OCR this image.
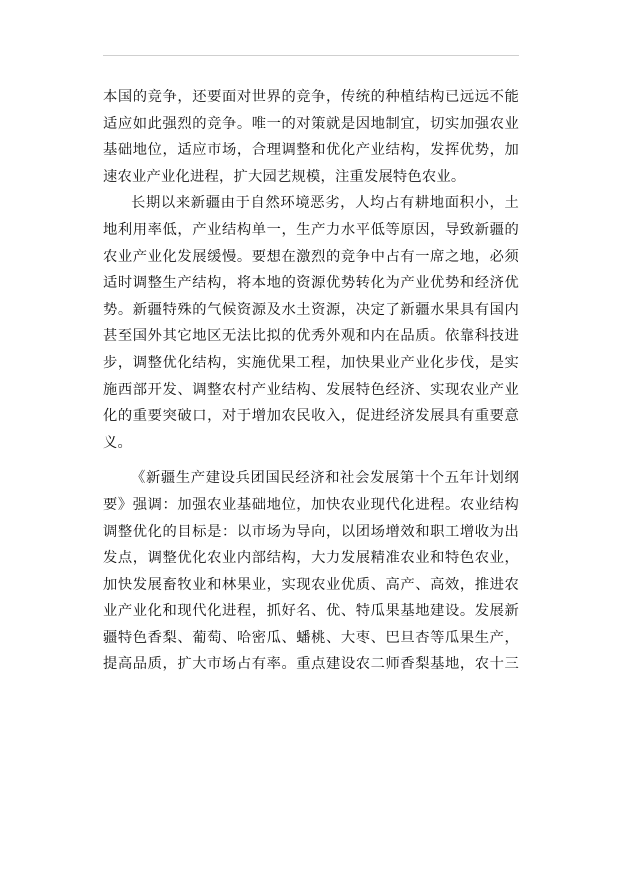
本国的竞争，还要面对世界的竞争，传统的种植结构已远远不能
适应如此强烈的竞争。唯一的对策就是因地制宜，切实加强农业
基础地位，适应市场，合理调整和优化产业结构，发挥优势，加
速农业产业化进程，扩大园艺规模，注重发展特色农业。
长期以来新疆由于自然环境恶劣，人均占有耕地面积小，土
地利用率低，产业结构单一，生产力水平低等原因，导致新疆的
农业产业化发展缓慢。要想在激烈的竞争中占有一席之地，必须
适时调整生产结构，将本地的资源优势转化为产业优势和经济优
势。新疆特殊的气候资源及水土资源，决定了新疆水果具有国内
甚至国外其它地区无法比拟的优秀外观和内在品质。依靠科技进
步，调整优化结构，实施优果工程，加快果业产业化步伐，是实
施西部开发、调整农村产业结构、发展特色经济、实现农业产业
化的重要突破口，对于增加农民收入，促进经济发展具有重要意
义。
《新疆生产建设兵团国民经济和社会发展第十个五年计划纲
要》强调：加强农业基础地位，加快农业现代化进程。农业结构
调整优化的目标是：以市场为导向，以团场增效和职工增收为出
发点，调整优化农业内部结构，大力发展精准农业和特色农业，
加快发展畜牧业和林果业，实现农业优质、高产、高效，推进农
业产业化和现代化进程，抓好名、优、特瓜果基地建设。发展新
疆特色香梨、葡萄、哈密瓜、蟠桃、大枣、巴旦杏等瓜果生产，
提高品质，扩大市场占有率。重点建设农二师香梨基地，农十三
